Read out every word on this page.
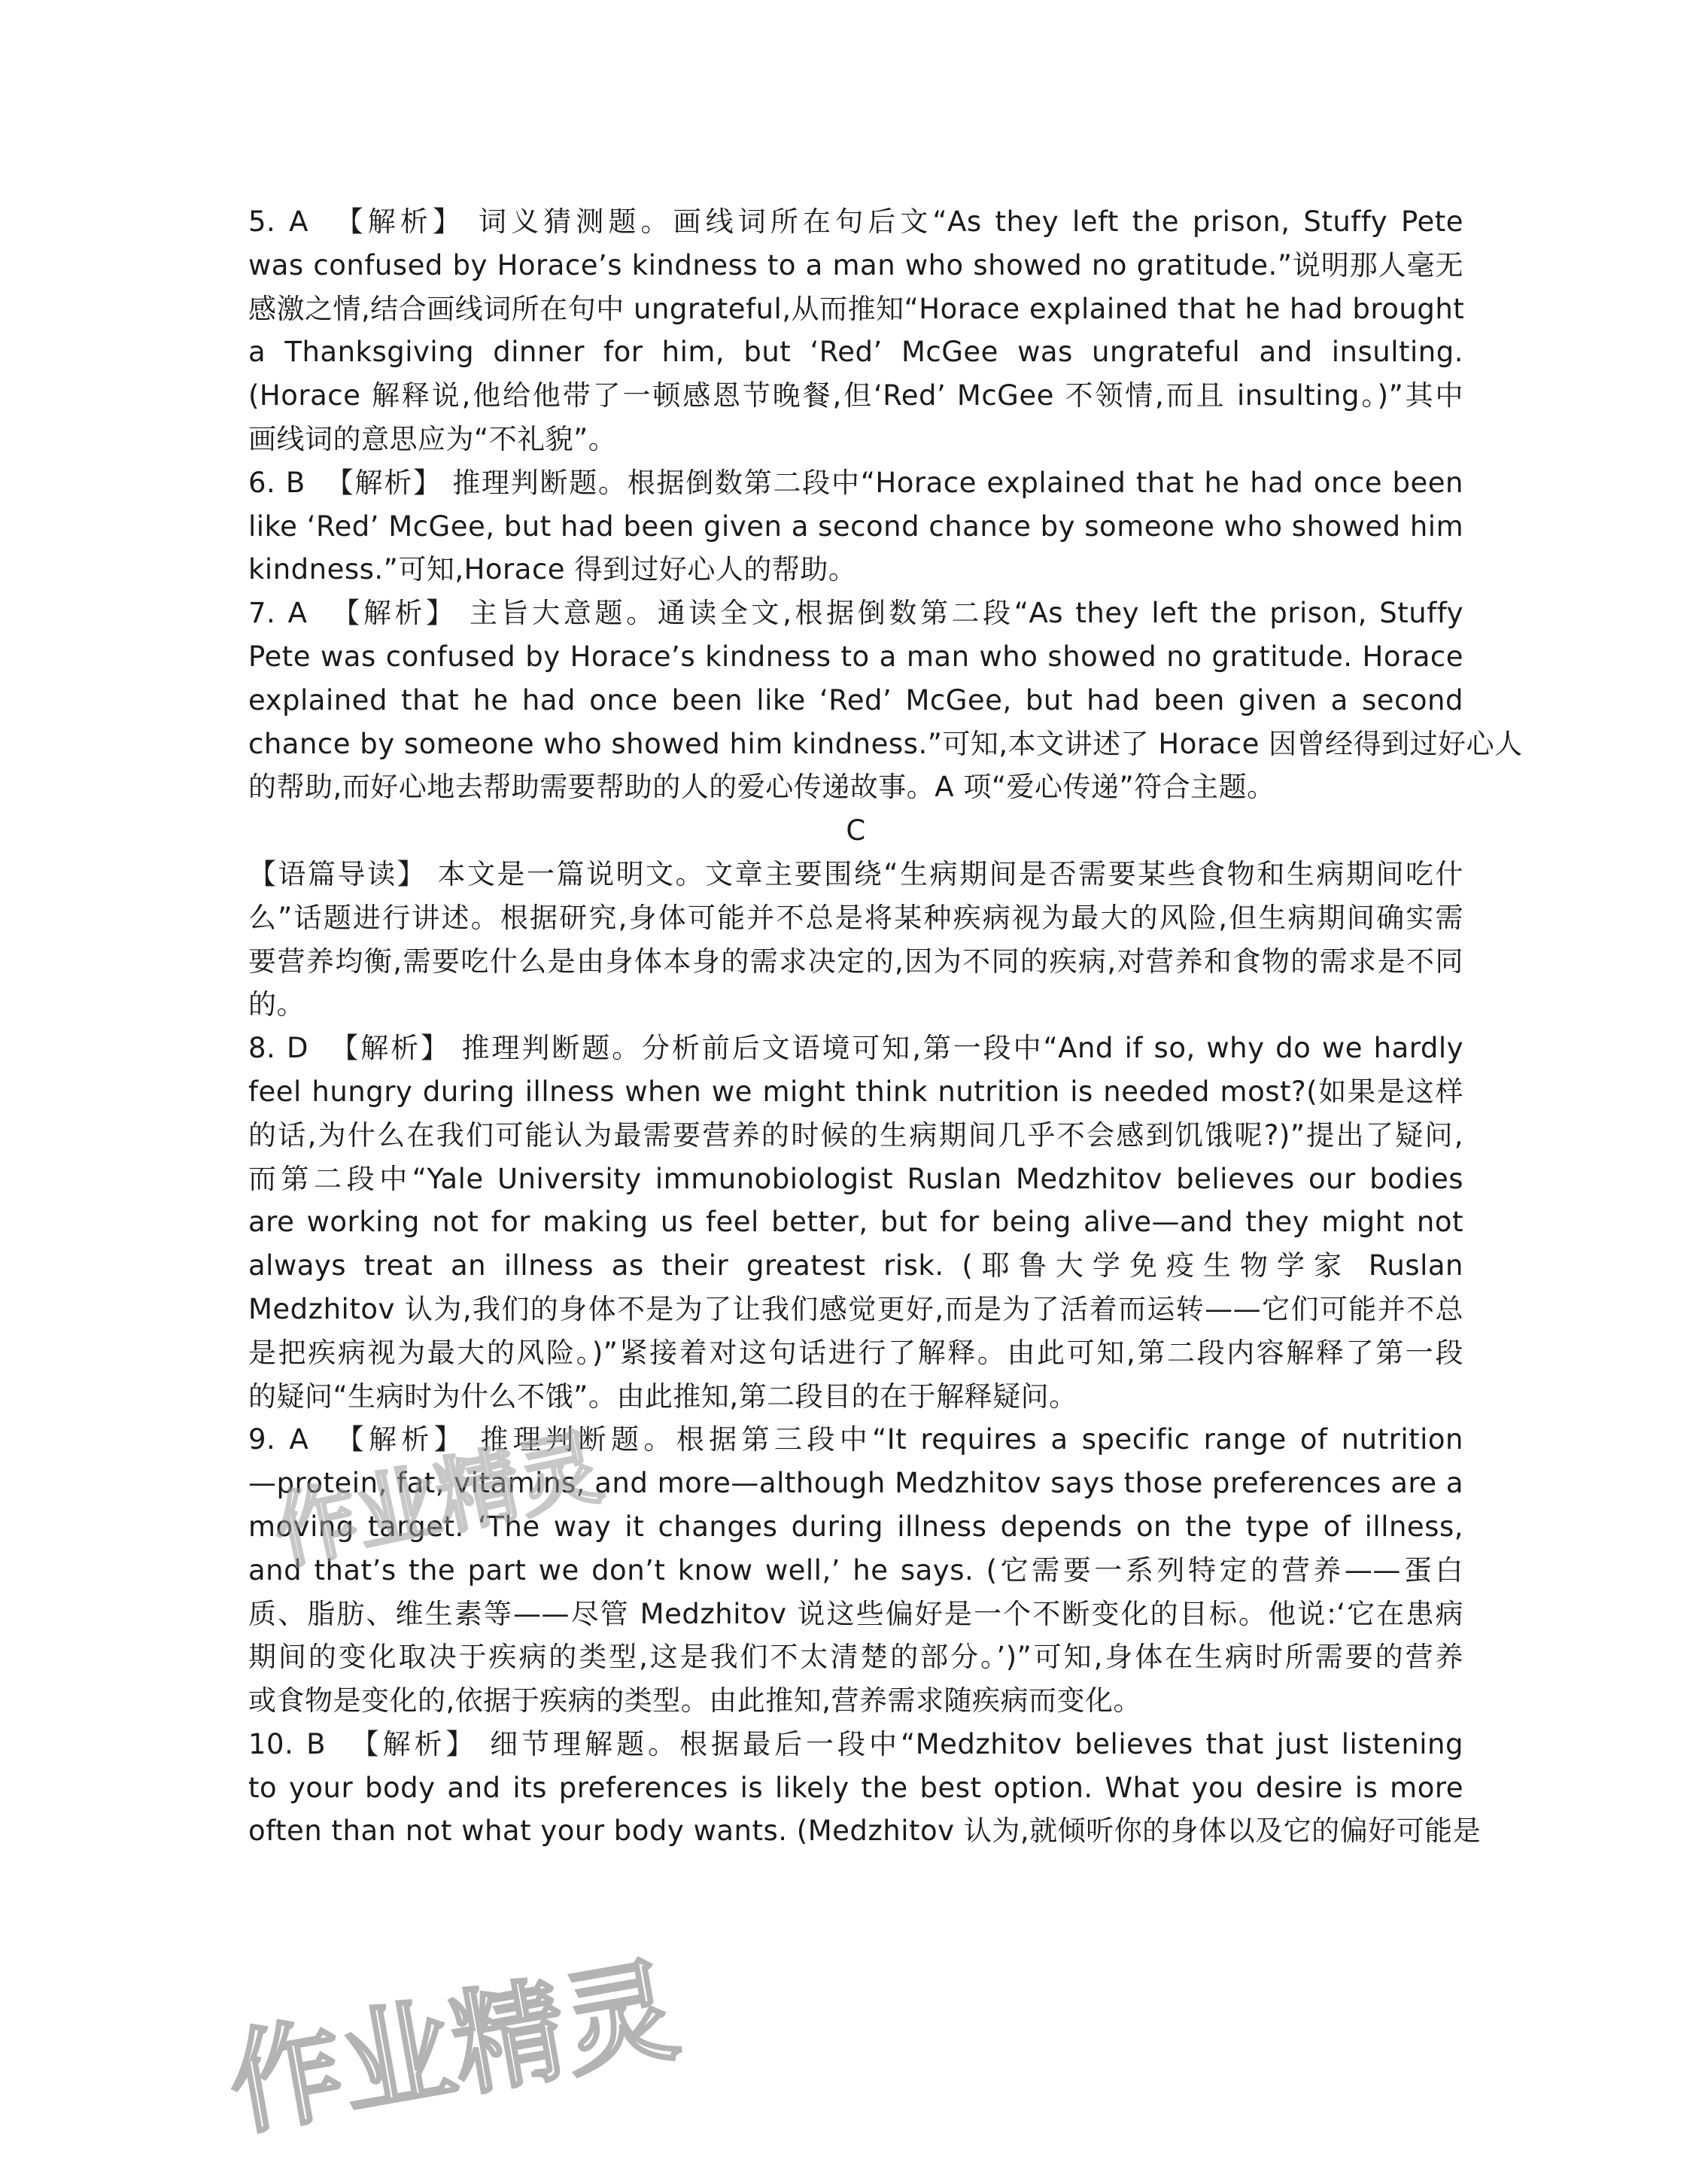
5. A  【解析】 词义猜测题。画线词所在句后文“As they left the prison, Stuffy Pete
was confused by Horace’s kindness to a man who showed no gratitude.”说明那人毫无
感激之情,结合画线词所在句中 ungrateful,从而推知“Horace explained that he had brought
a Thanksgiving dinner for him, but ‘Red’ McGee was ungrateful and insulting.
(Horace 解释说,他给他带了一顿感恩节晚餐,但‘Red’ McGee 不领情,而且 insulting。)”其中
画线词的意思应为“不礼貌”。
6. B  【解析】 推理判断题。根据倒数第二段中“Horace explained that he had once been
like ‘Red’ McGee, but had been given a second chance by someone who showed him
kindness.”可知,Horace 得到过好心人的帮助。
7. A  【解析】 主旨大意题。通读全文,根据倒数第二段“As they left the prison, Stuffy
Pete was confused by Horace’s kindness to a man who showed no gratitude. Horace
explained that he had once been like ‘Red’ McGee, but had been given a second
chance by someone who showed him kindness.”可知,本文讲述了 Horace 因曾经得到过好心人
的帮助,而好心地去帮助需要帮助的人的爱心传递故事。A 项“爱心传递”符合主题。
C
【语篇导读】 本文是一篇说明文。文章主要围绕“生病期间是否需要某些食物和生病期间吃什
么”话题进行讲述。根据研究,身体可能并不总是将某种疾病视为最大的风险,但生病期间确实需
要营养均衡,需要吃什么是由身体本身的需求决定的,因为不同的疾病,对营养和食物的需求是不同
的。
8. D  【解析】 推理判断题。分析前后文语境可知,第一段中“And if so, why do we hardly
feel hungry during illness when we might think nutrition is needed most?(如果是这样
的话,为什么在我们可能认为最需要营养的时候的生病期间几乎不会感到饥饿呢?)”提出了疑问,
而第二段中“Yale University immunobiologist Ruslan Medzhitov believes our bodies
are working not for making us feel better, but for being alive—and they might not
always treat an illness as their greatest risk. (耶鲁大学免疫生物学家 Ruslan
Medzhitov 认为,我们的身体不是为了让我们感觉更好,而是为了活着而运转——它们可能并不总
是把疾病视为最大的风险。)”紧接着对这句话进行了解释。由此可知,第二段内容解释了第一段
的疑问“生病时为什么不饿”。由此推知,第二段目的在于解释疑问。
9. A  【解析】 推理判断题。根据第三段中“It requires a specific range of nutrition
—protein, fat, vitamins, and more—although Medzhitov says those preferences are a
moving target. ‘The way it changes during illness depends on the type of illness,
and that’s the part we don’t know well,’ he says. (它需要一系列特定的营养——蛋白
质、脂肪、维生素等——尽管 Medzhitov 说这些偏好是一个不断变化的目标。他说:‘它在患病
期间的变化取决于疾病的类型,这是我们不太清楚的部分。’)”可知,身体在生病时所需要的营养
或食物是变化的,依据于疾病的类型。由此推知,营养需求随疾病而变化。
10. B  【解析】 细节理解题。根据最后一段中“Medzhitov believes that just listening
to your body and its preferences is likely the best option. What you desire is more
often than not what your body wants. (Medzhitov 认为,就倾听你的身体以及它的偏好可能是
作业精灵
作业精灵
